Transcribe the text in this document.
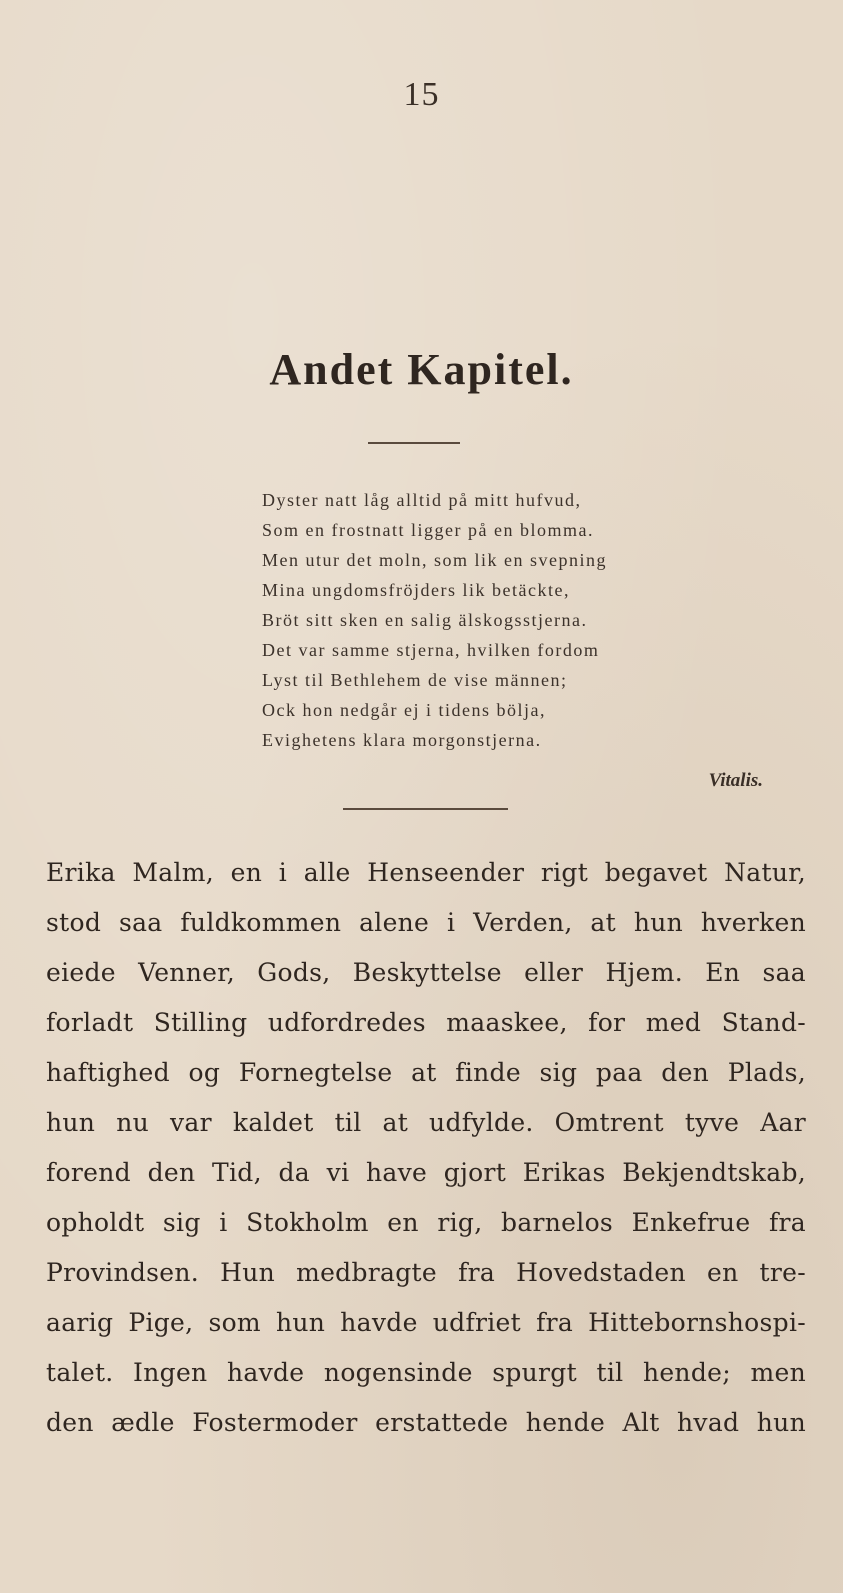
15
Andet Kapitel.
Dyster natt låg alltid på mitt hufvud,
Som en frostnatt ligger på en blomma.
Men utur det moln, som lik en svepning
Mina ungdomsfröjders lik betäckte,
Bröt sitt sken en salig älskogsstjerna.
Det var samme stjerna, hvilken fordom
Lyst til Bethlehem de vise männen;
Ock hon nedgår ej i tidens bölja,
Evighetens klara morgonstjerna.
Vitalis.
Erika Malm, en i alle Henseender rigt begavet Natur,
stod saa fuldkommen alene i Verden, at hun hverken
eiede Venner, Gods, Beskyttelse eller Hjem. En saa
forladt Stilling udfordredes maaskee, for med Stand-
haftighed og Fornegtelse at finde sig paa den Plads,
hun nu var kaldet til at udfylde. Omtrent tyve Aar
forend den Tid, da vi have gjort Erikas Bekjendtskab,
opholdt sig i Stokholm en rig, barnelos Enkefrue fra
Provindsen. Hun medbragte fra Hovedstaden en tre-
aarig Pige, som hun havde udfriet fra Hittebornshospi-
talet. Ingen havde nogensinde spurgt til hende; men
den ædle Fostermoder erstattede hende Alt hvad hun
